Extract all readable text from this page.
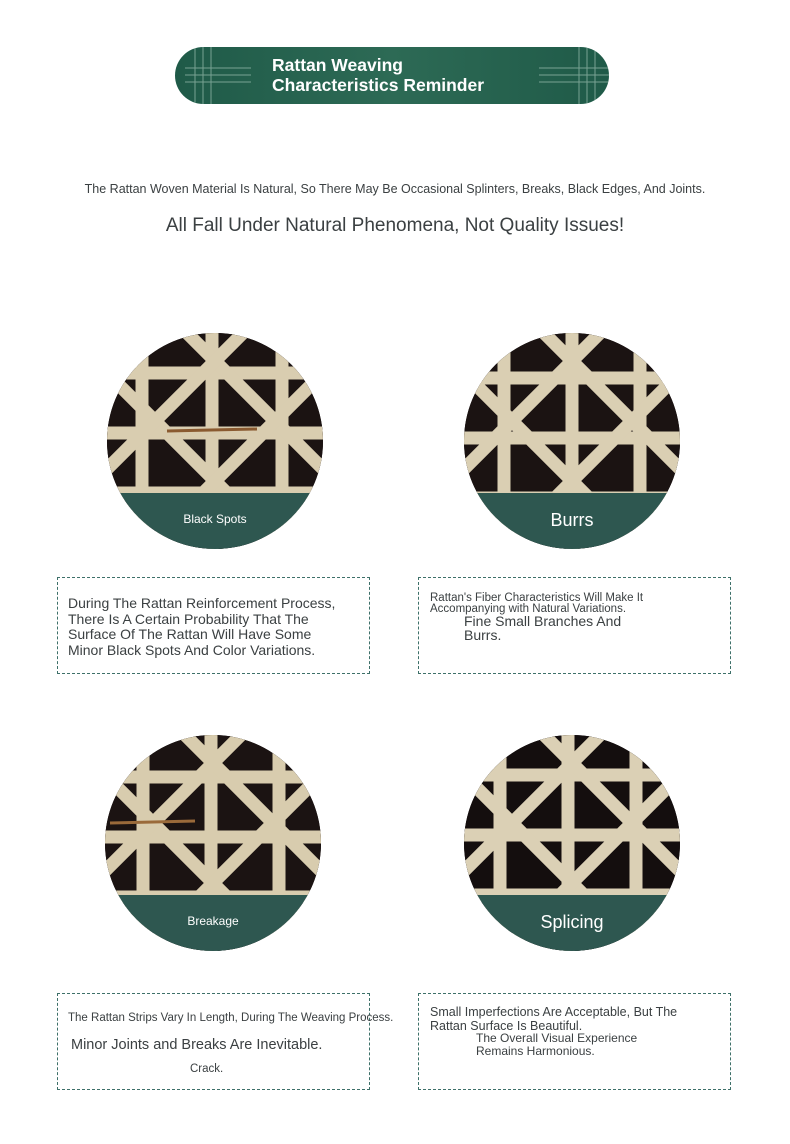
Rattan Weaving
Characteristics Reminder
The Rattan Woven Material Is Natural, So There May Be Occasional Splinters, Breaks, Black Edges, And Joints.
All Fall Under Natural Phenomena, Not Quality Issues!
Black Spots	Burrs
During The Rattan Reinforcement Process,
There Is A Certain Probability That The
Surface Of The Rattan Will Have Some
Minor Black Spots And Color Variations.
Rattan's Fiber Characteristics Will Make It
Accompanying with Natural Variations.
Fine Small Branches And
Burrs.
Breakage	Splicing
The Rattan Strips Vary In Length, During The Weaving Process.
Minor Joints and Breaks Are Inevitable.
Crack.
Small Imperfections Are Acceptable, But The
Rattan Surface Is Beautiful.
The Overall Visual Experience
Remains Harmonious.
